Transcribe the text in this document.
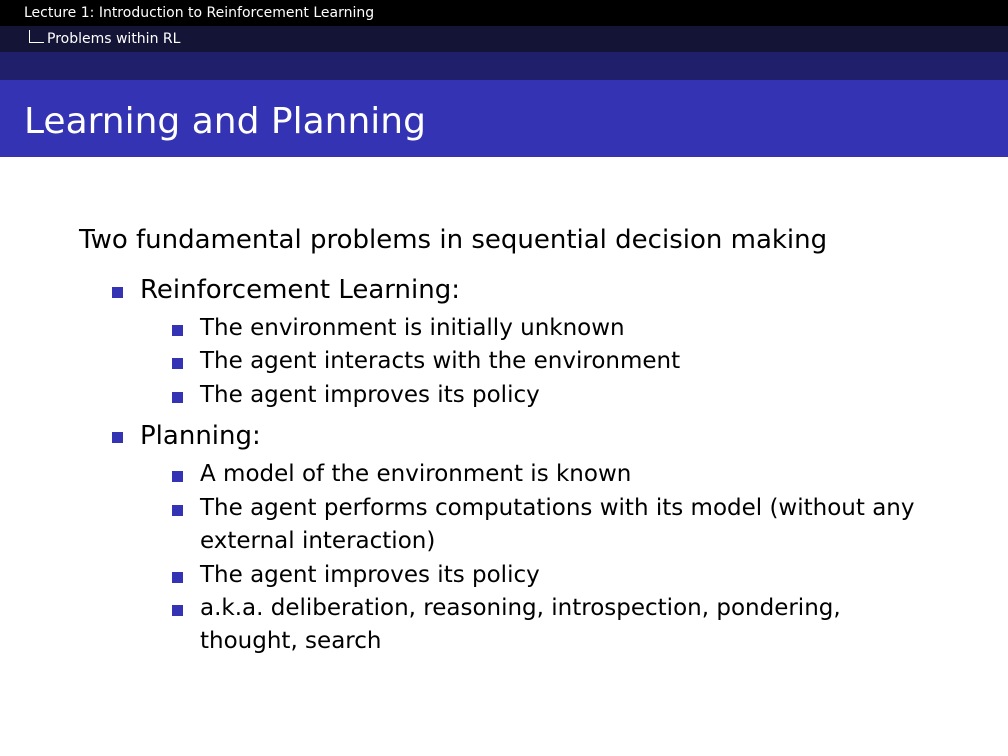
Lecture 1: Introduction to Reinforcement Learning
Problems within RL
Learning and Planning
Two fundamental problems in sequential decision making
Reinforcement Learning:
The environment is initially unknown
The agent interacts with the environment
The agent improves its policy
Planning:
A model of the environment is known
The agent performs computations with its model (without any
external interaction)
The agent improves its policy
a.k.a. deliberation, reasoning, introspection, pondering,
thought, search
